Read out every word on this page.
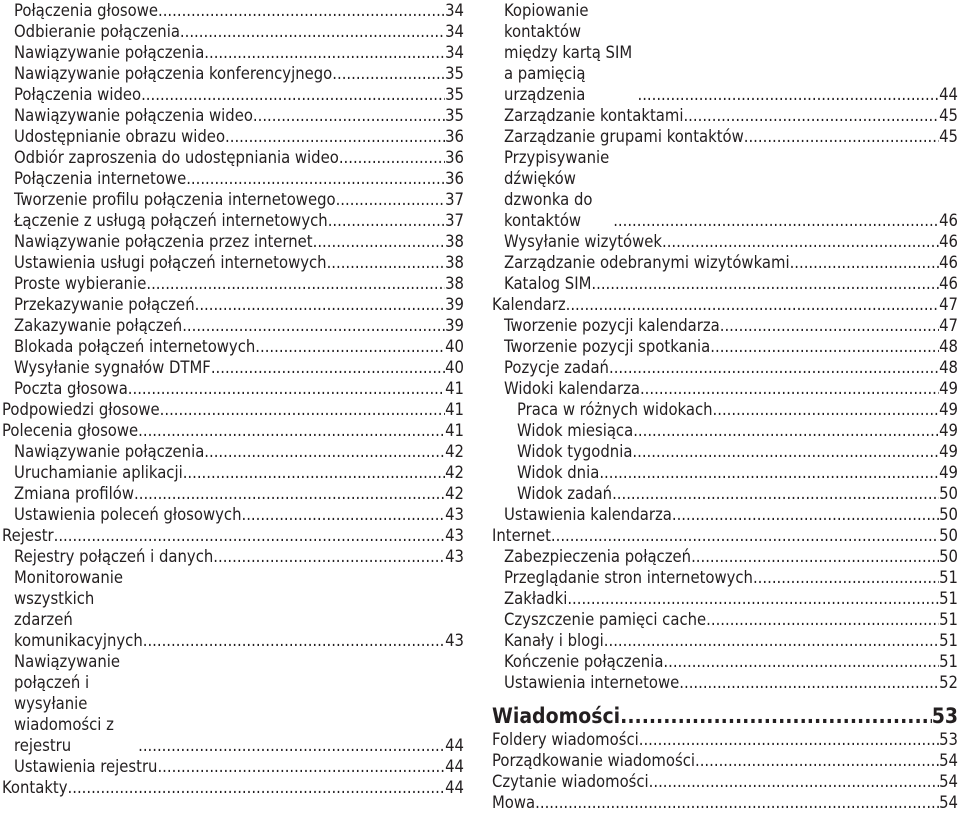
Połączenia głosowe .....	34
Odbieranie połączenia .....	34
Nawiązywanie połączenia .....	34
Nawiązywanie połączenia konferencyjnego .....	35
Połączenia wideo .....	35
Nawiązywanie połączenia wideo .....	35
Udostępnianie obrazu wideo .....	36
Odbiór zaproszenia do udostępniania wideo .....	36
Połączenia internetowe .....	36
Tworzenie profilu połączenia internetowego .....	37
Łączenie z usługą połączeń internetowych .....	37
Nawiązywanie połączenia przez internet .....	38
Ustawienia usługi połączeń internetowych .....	38
Proste wybieranie .....	38
Przekazywanie połączeń .....	39
Zakazywanie połączeń .....	39
Blokada połączeń internetowych .....	40
Wysyłanie sygnałów DTMF .....	40
Poczta głosowa .....	41
Podpowiedzi głosowe .....	41
Polecenia głosowe .....	41
Nawiązywanie połączenia .....	42
Uruchamianie aplikacji .....	42
Zmiana profilów .....	42
Ustawienia poleceń głosowych .....	43
Rejestr .....	43
Rejestry połączeń i danych .....	43
Monitorowanie wszystkich zdarzeń komunikacyjnych .....	43
Nawiązywanie połączeń i wysyłanie wiadomości z rejestru .....	44
Ustawienia rejestru .....	44
Kontakty .....	44
Kopiowanie kontaktów między kartą SIM a pamięcią urządzenia .....	44
Zarządzanie kontaktami .....	45
Zarządzanie grupami kontaktów .....	45
Przypisywanie dźwięków dzwonka do kontaktów .....	46
Wysyłanie wizytówek .....	46
Zarządzanie odebranymi wizytówkami .....	46
Katalog SIM .....	46
Kalendarz .....	47
Tworzenie pozycji kalendarza .....	47
Tworzenie pozycji spotkania .....	48
Pozycje zadań .....	48
Widoki kalendarza .....	49
Praca w różnych widokach .....	49
Widok miesiąca .....	49
Widok tygodnia .....	49
Widok dnia .....	49
Widok zadań .....	50
Ustawienia kalendarza .....	50
Internet .....	50
Zabezpieczenia połączeń .....	50
Przeglądanie stron internetowych .....	51
Zakładki .....	51
Czyszczenie pamięci cache .....	51
Kanały i blogi .....	51
Kończenie połączenia .....	51
Ustawienia internetowe .....	52
Wiadomości .....	53
Foldery wiadomości .....	53
Porządkowanie wiadomości .....	54
Czytanie wiadomości .....	54
Mowa .....	54
